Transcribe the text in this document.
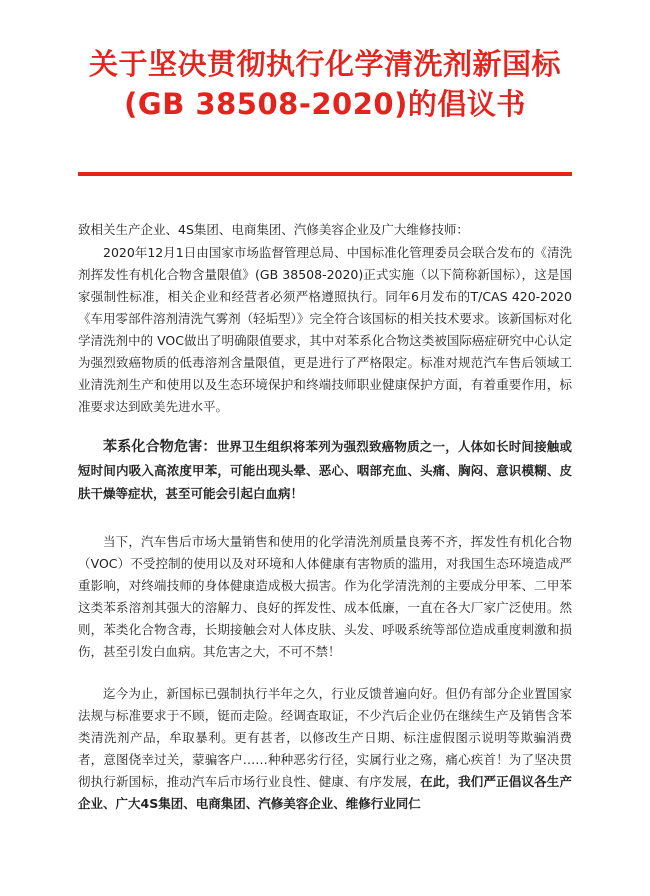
关于坚决贯彻执行化学清洗剂新国标
(GB 38508-2020)的倡议书

致相关生产企业、4S集团、电商集团、汽修美容企业及广大维修技师：

2020年12月1日由国家市场监督管理总局、中国标准化管理委员会联合发布的《清洗剂挥发性有机化合物含量限值》(GB 38508-2020)正式实施（以下简称新国标），这是国家强制性标准，相关企业和经营者必须严格遵照执行。同年6月发布的T/CAS 420-2020《车用零部件溶剂清洗气雾剂（轻垢型）》完全符合该国标的相关技术要求。该新国标对化学清洗剂中的 VOC做出了明确限值要求，其中对苯系化合物这类被国际癌症研究中心认定为强烈致癌物质的低毒溶剂含量限值，更是进行了严格限定。标准对规范汽车售后领域工业清洗剂生产和使用以及生态环境保护和终端技师职业健康保护方面，有着重要作用，标准要求达到欧美先进水平。

苯系化合物危害：世界卫生组织将苯列为强烈致癌物质之一，人体如长时间接触或短时间内吸入高浓度甲苯，可能出现头晕、恶心、咽部充血、头痛、胸闷、意识模糊、皮肤干燥等症状，甚至可能会引起白血病！

当下，汽车售后市场大量销售和使用的化学清洗剂质量良莠不齐，挥发性有机化合物（VOC）不受控制的使用以及对环境和人体健康有害物质的滥用，对我国生态环境造成严重影响，对终端技师的身体健康造成极大损害。作为化学清洗剂的主要成分甲苯、二甲苯这类苯系溶剂其强大的溶解力、良好的挥发性、成本低廉，一直在各大厂家广泛使用。然则，苯类化合物含毒，长期接触会对人体皮肤、头发、呼吸系统等部位造成重度刺激和损伤，甚至引发白血病。其危害之大，不可不禁！

迄今为止，新国标已强制执行半年之久，行业反馈普遍向好。但仍有部分企业置国家法规与标准要求于不顾，铤而走险。经调查取证，不少汽后企业仍在继续生产及销售含苯类清洗剂产品，牟取暴利。更有甚者，以修改生产日期、标注虚假图示说明等欺骗消费者，意图侥幸过关，蒙骗客户……种种恶劣行径，实属行业之殇，痛心疾首！为了坚决贯彻执行新国标，推动汽车后市场行业良性、健康、有序发展，在此，我们严正倡议各生产企业、广大4S集团、电商集团、汽修美容企业、维修行业同仁
